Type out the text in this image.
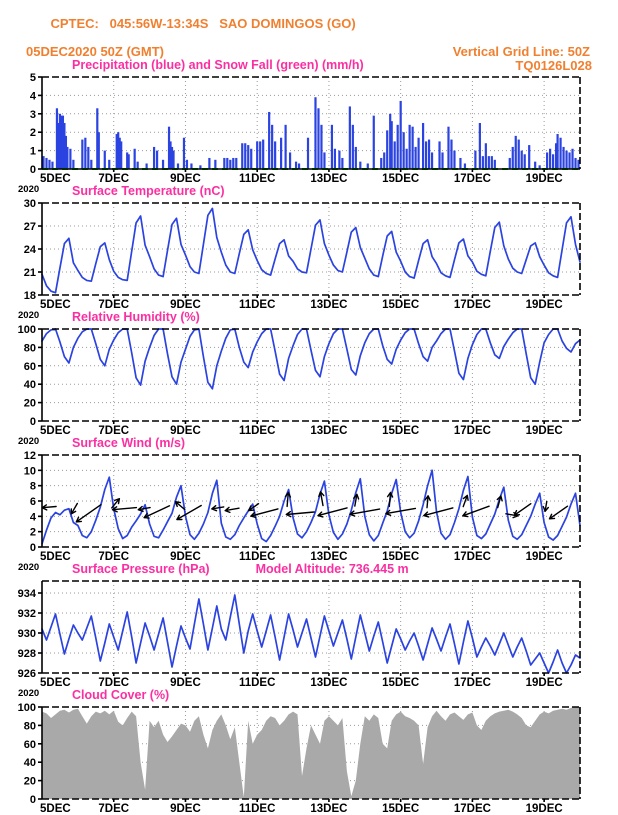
CPTEC:   045:56W-13:34S   SAO DOMINGOS (GO)

05DEC2020 50Z (GMT)	Vertical Grid Line: 50Z
Precipitation (blue) and Snow Fall (green) (mm/h)	TQ0126L028
0
1
2
3
4
5
5DEC 7DEC	9DEC	11DEC	13DEC	15DEC	17DEC	19DEC
2020	Surface Temperature (nC)
18
21
24
27
30
5DEC 7DEC	9DEC	11DEC	13DEC	15DEC	17DEC	19DEC
2020	Relative Humidity (%)
0
20
40
60
80
100
5DEC 7DEC	9DEC	11DEC	13DEC	15DEC	17DEC	19DEC
2020	Surface Wind (m/s)
0
2
4
6
8
10
12
5DEC 7DEC	9DEC	11DEC	13DEC	15DEC	17DEC	19DEC
2020	Surface Pressure (hPa)	Model Altitude: 736.445 m
926
928
930
932
934
5DEC 7DEC	9DEC	11DEC	13DEC	15DEC	17DEC	19DEC
2020	Cloud Cover (%)
0
20
40
60
80
100
5DEC 7DEC	9DEC	11DEC	13DEC	15DEC	17DEC	19DEC
